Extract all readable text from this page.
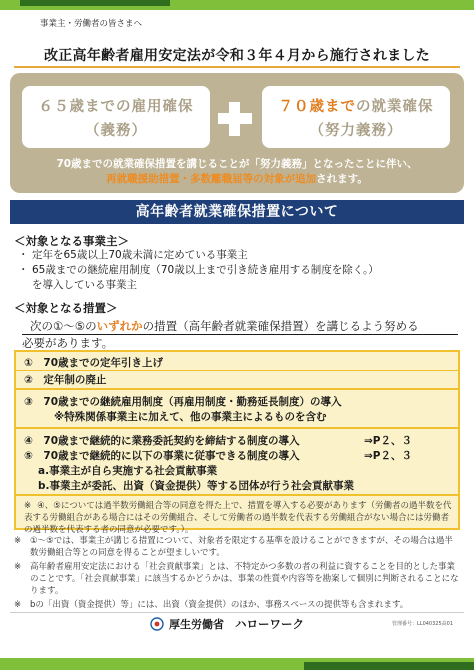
事業主・労働者の皆さまへ
改正高年齢者雇用安定法が令和３年４月から施行されました
６５歳までの雇用確保
（義務）
７０歳までの就業確保
（努力義務）
70歳までの就業確保措置を講じることが「努力義務」となったことに伴い、
再就職援助措置・多数離職届等の対象が追加されます。
高年齢者就業確保措置について
＜対象となる事業主＞
・ 定年を65歳以上70歳未満に定めている事業主
・ 65歳までの継続雇用制度（70歳以上まで引き続き雇用する制度を除く。）
を導入している事業主
＜対象となる措置＞
次の①～⑤のいずれかの措置（高年齢者就業確保措置）を講じるよう努める
必要があります。
①　70歳までの定年引き上げ
②　定年制の廃止
③　70歳までの継続雇用制度（再雇用制度・勤務延長制度）の導入
※特殊関係事業主に加えて、他の事業主によるものを含む
④　70歳まで継続的に業務委託契約を締結する制度の導入	⇒P２、３
⑤　70歳まで継続的に以下の事業に従事できる制度の導入	⇒P２、３
a.事業主が自ら実施する社会貢献事業
b.事業主が委託、出資（資金提供）等する団体が行う社会貢献事業
※ ④、⑤については過半数労働組合等の同意を得た上で、措置を導入する必要があります（労働者の過半数を代表する労働組合がある場合にはその労働組合、そして労働者の過半数を代表する労働組合がない場合には労働者の過半数を代表する者の同意が必要です。）。
※ ①～⑤では、事業主が講じる措置について、対象者を限定する基準を設けることができますが、その場合は過半数労働組合等との同意を得ることが望ましいです。
※ 高年齢者雇用安定法における「社会貢献事業」とは、不特定かつ多数の者の利益に資することを目的とした事業のことです。「社会貢献事業」に該当するかどうかは、事業の性質や内容等を勘案して個別に判断されることになります。
※ bの「出資（資金提供）等」には、出資（資金提供）のほか、事務スペースの提供等も含まれます。
厚生労働省 ハローワーク	管理番号：LL040325高01
